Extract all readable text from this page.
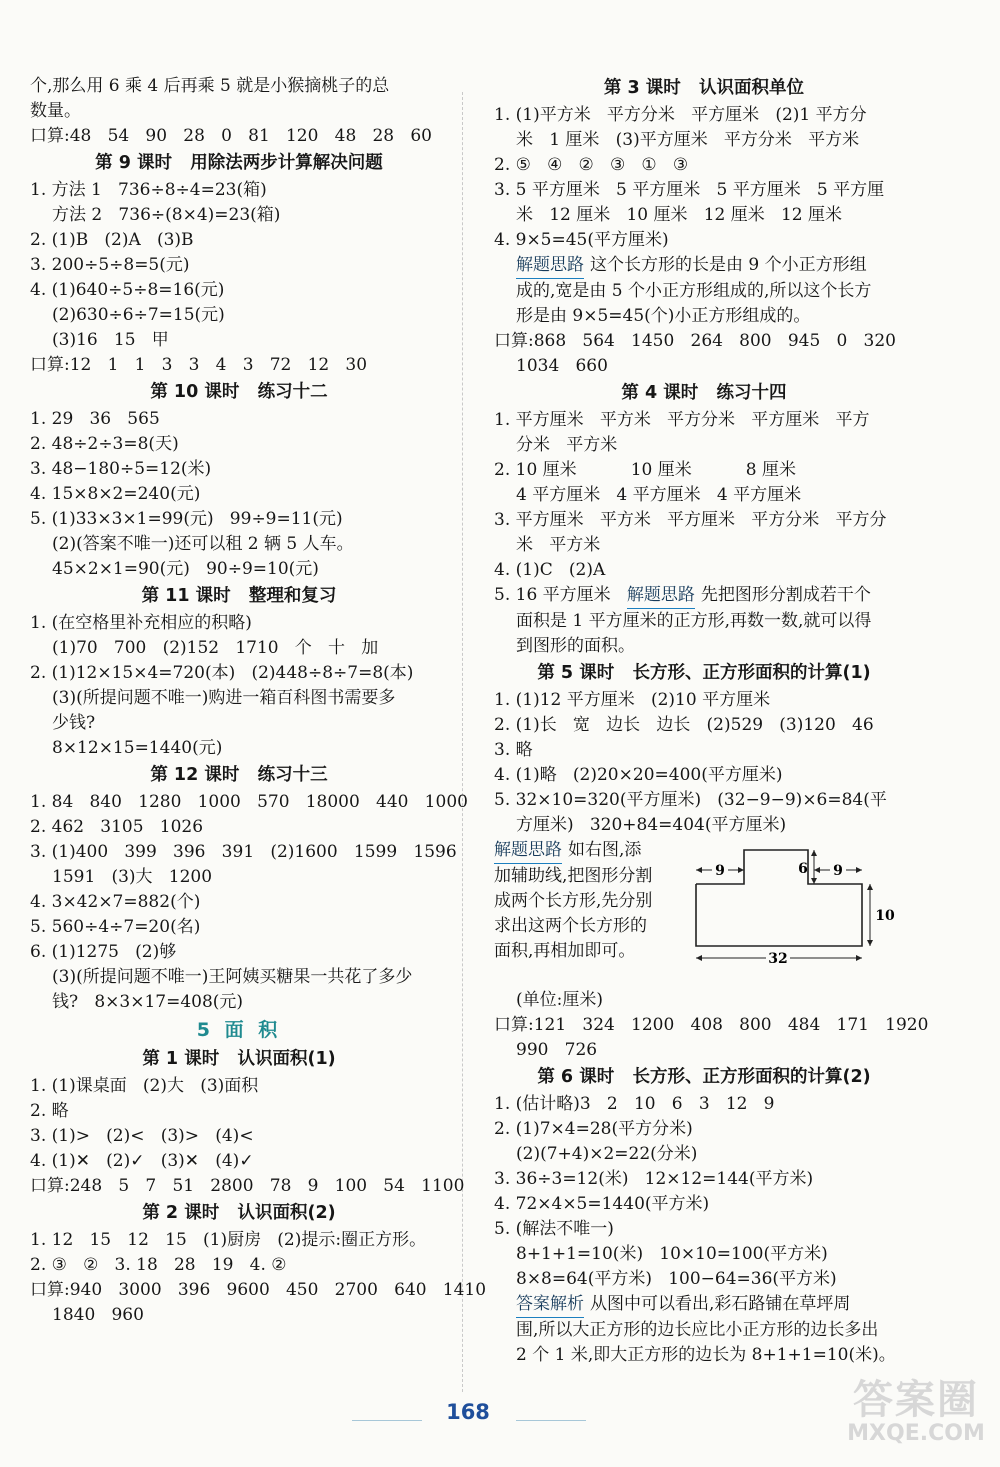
个,那么用 6 乘 4 后再乘 5 就是小猴摘桃子的总
数量。
口算:48   54   90   28   0   81   120   48   28   60
第 9 课时   用除法两步计算解决问题
1. 方法 1   736÷8÷4=23(箱)
方法 2   736÷(8×4)=23(箱)
2. (1)B   (2)A   (3)B
3. 200÷5÷8=5(元)
4. (1)640÷5÷8=16(元)
(2)630÷6÷7=15(元)
(3)16   15   甲
口算:12   1   1   3   3   4   3   72   12   30
第 10 课时   练习十二
1. 29   36   565
2. 48÷2÷3=8(天)
3. 48−180÷5=12(米)
4. 15×8×2=240(元)
5. (1)33×3×1=99(元)   99÷9=11(元)
(2)(答案不唯一)还可以租 2 辆 5 人车。
45×2×1=90(元)   90÷9=10(元)
第 11 课时   整理和复习
1. (在空格里补充相应的积略)
(1)70   700   (2)152   1710   个   十   加
2. (1)12×15×4=720(本)   (2)448÷8÷7=8(本)
(3)(所提问题不唯一)购进一箱百科图书需要多
少钱?
8×12×15=1440(元)
第 12 课时   练习十三
1. 84   840   1280   1000   570   18000   440   1000
2. 462   3105   1026
3. (1)400   399   396   391   (2)1600   1599   1596
1591   (3)大   1200
4. 3×42×7=882(个)
5. 560÷4÷7=20(名)
6. (1)1275   (2)够
(3)(所提问题不唯一)王阿姨买糖果一共花了多少
钱?   8×3×17=408(元)
5 面 积
第 1 课时   认识面积(1)
1. (1)课桌面   (2)大   (3)面积
2. 略
3. (1)>   (2)<   (3)>   (4)<
4. (1)✕   (2)✓   (3)✕   (4)✓
口算:248   5   7   51   2800   78   9   100   54   1100
第 2 课时   认识面积(2)
1. 12   15   12   15   (1)厨房   (2)提示:圈正方形。
2. ③   ②   3. 18   28   19   4. ②
口算:940   3000   396   9600   450   2700   640   1410
1840   960
第 3 课时   认识面积单位
1. (1)平方米   平方分米   平方厘米   (2)1 平方分
米   1 厘米   (3)平方厘米   平方分米   平方米
2. ⑤   ④   ②   ③   ①   ③
3. 5 平方厘米   5 平方厘米   5 平方厘米   5 平方厘
米   12 厘米   10 厘米   12 厘米   12 厘米
4. 9×5=45(平方厘米)
解题思路 这个长方形的长是由 9 个小正方形组
成的,宽是由 5 个小正方形组成的,所以这个长方
形是由 9×5=45(个)小正方形组成的。
口算:868   564   1450   264   800   945   0   320
1034   660
第 4 课时   练习十四
1. 平方厘米   平方米   平方分米   平方厘米   平方
分米   平方米
2. 10 厘米          10 厘米          8 厘米
4 平方厘米   4 平方厘米   4 平方厘米
3. 平方厘米   平方米   平方厘米   平方分米   平方分
米   平方米
4. (1)C   (2)A
5. 16 平方厘米   解题思路 先把图形分割成若干个
面积是 1 平方厘米的正方形,再数一数,就可以得
到图形的面积。
第 5 课时   长方形、正方形面积的计算(1)
1. (1)12 平方厘米   (2)10 平方厘米
2. (1)长   宽   边长   边长   (2)529   (3)120   46
3. 略
4. (1)略   (2)20×20=400(平方厘米)
5. 32×10=320(平方厘米)   (32−9−9)×6=84(平
方厘米)   320+84=404(平方厘米)
解题思路 如右图,添
加辅助线,把图形分割
成两个长方形,先分别
求出这两个长方形的
面积,再相加即可。
9	6 9
10
32
(单位:厘米)
口算:121   324   1200   408   800   484   171   1920
990   726
第 6 课时   长方形、正方形面积的计算(2)
1. (估计略)3   2   10   6   3   12   9
2. (1)7×4=28(平方分米)
(2)(7+4)×2=22(分米)
3. 36÷3=12(米)   12×12=144(平方米)
4. 72×4×5=1440(平方米)
5. (解法不唯一)
8+1+1=10(米)   10×10=100(平方米)
8×8=64(平方米)   100−64=36(平方米)
答案解析 从图中可以看出,彩石路铺在草坪周
围,所以大正方形的边长应比小正方形的边长多出
2 个 1 米,即大正方形的边长为 8+1+1=10(米)。
168	答案圈
MXQE.COM
